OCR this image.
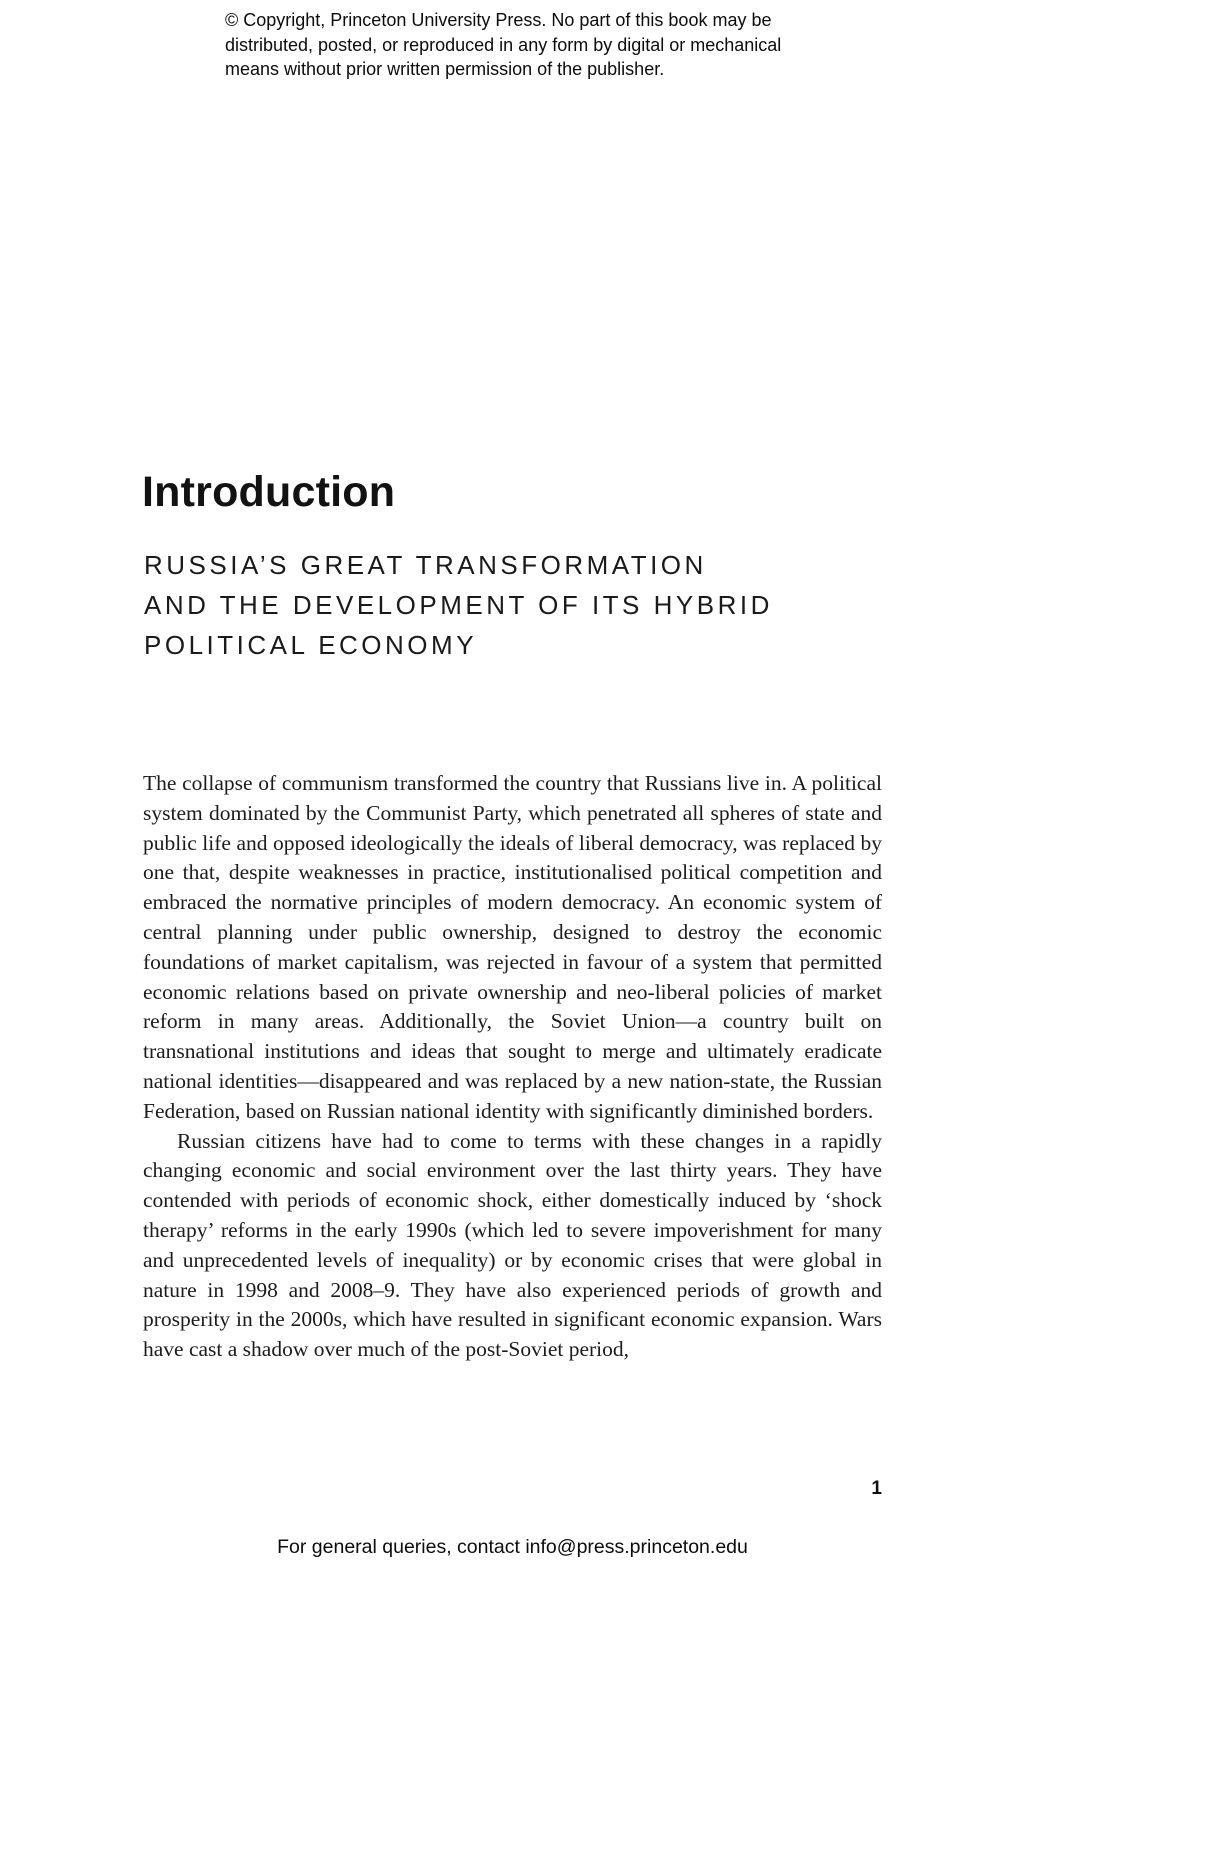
© Copyright, Princeton University Press. No part of this book may be distributed, posted, or reproduced in any form by digital or mechanical means without prior written permission of the publisher.
Introduction
RUSSIA’S GREAT TRANSFORMATION
AND THE DEVELOPMENT OF ITS HYBRID
POLITICAL ECONOMY

The collapse of communism transformed the country that Russians live in. A political system dominated by the Communist Party, which penetrated all spheres of state and public life and opposed ideologically the ideals of liberal democracy, was replaced by one that, despite weaknesses in practice, institutionalised political competition and embraced the normative principles of modern democracy. An economic system of central planning under public ownership, designed to destroy the economic foundations of market capitalism, was rejected in favour of a system that permitted economic relations based on private ownership and neo-liberal policies of market reform in many areas. Additionally, the Soviet Union—a country built on transnational institutions and ideas that sought to merge and ultimately eradicate national identities—disappeared and was replaced by a new nation-state, the Russian Federation, based on Russian national identity with significantly diminished borders.

Russian citizens have had to come to terms with these changes in a rapidly changing economic and social environment over the last thirty years. They have contended with periods of economic shock, either domestically induced by ‘shock therapy’ reforms in the early 1990s (which led to severe impoverishment for many and unprecedented levels of inequality) or by economic crises that were global in nature in 1998 and 2008–9. They have also experienced periods of growth and prosperity in the 2000s, which have resulted in significant economic expansion. Wars have cast a shadow over much of the post-Soviet period,

1
For general queries, contact info@press.princeton.edu
